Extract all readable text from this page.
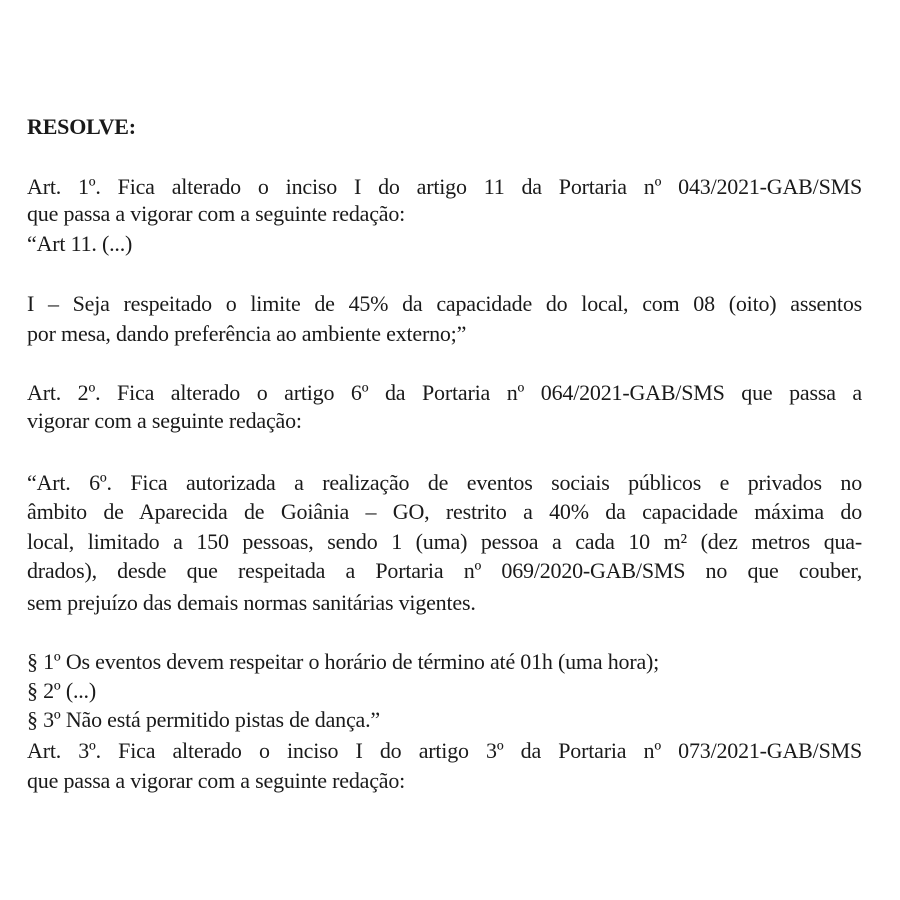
RESOLVE:
Art. 1º. Fica alterado o inciso I do artigo 11 da Portaria nº 043/2021-GAB/SMS
que passa a vigorar com a seguinte redação:
“Art 11. (...)
I – Seja respeitado o limite de 45% da capacidade do local, com 08 (oito) assentos
por mesa, dando preferência ao ambiente externo;”
Art. 2º. Fica alterado o artigo 6º da Portaria nº 064/2021-GAB/SMS que passa a
vigorar com a seguinte redação:
“Art. 6º. Fica autorizada a realização de eventos sociais públicos e privados no
âmbito de Aparecida de Goiânia – GO, restrito a 40% da capacidade máxima do
local, limitado a 150 pessoas, sendo 1 (uma) pessoa a cada 10 m² (dez metros qua-
drados), desde que respeitada a Portaria nº 069/2020-GAB/SMS no que couber,
sem prejuízo das demais normas sanitárias vigentes.
§ 1º Os eventos devem respeitar o horário de término até 01h (uma hora);
§ 2º (...)
§ 3º Não está permitido pistas de dança.”
Art. 3º. Fica alterado o inciso I do artigo 3º da Portaria nº 073/2021-GAB/SMS
que passa a vigorar com a seguinte redação:
